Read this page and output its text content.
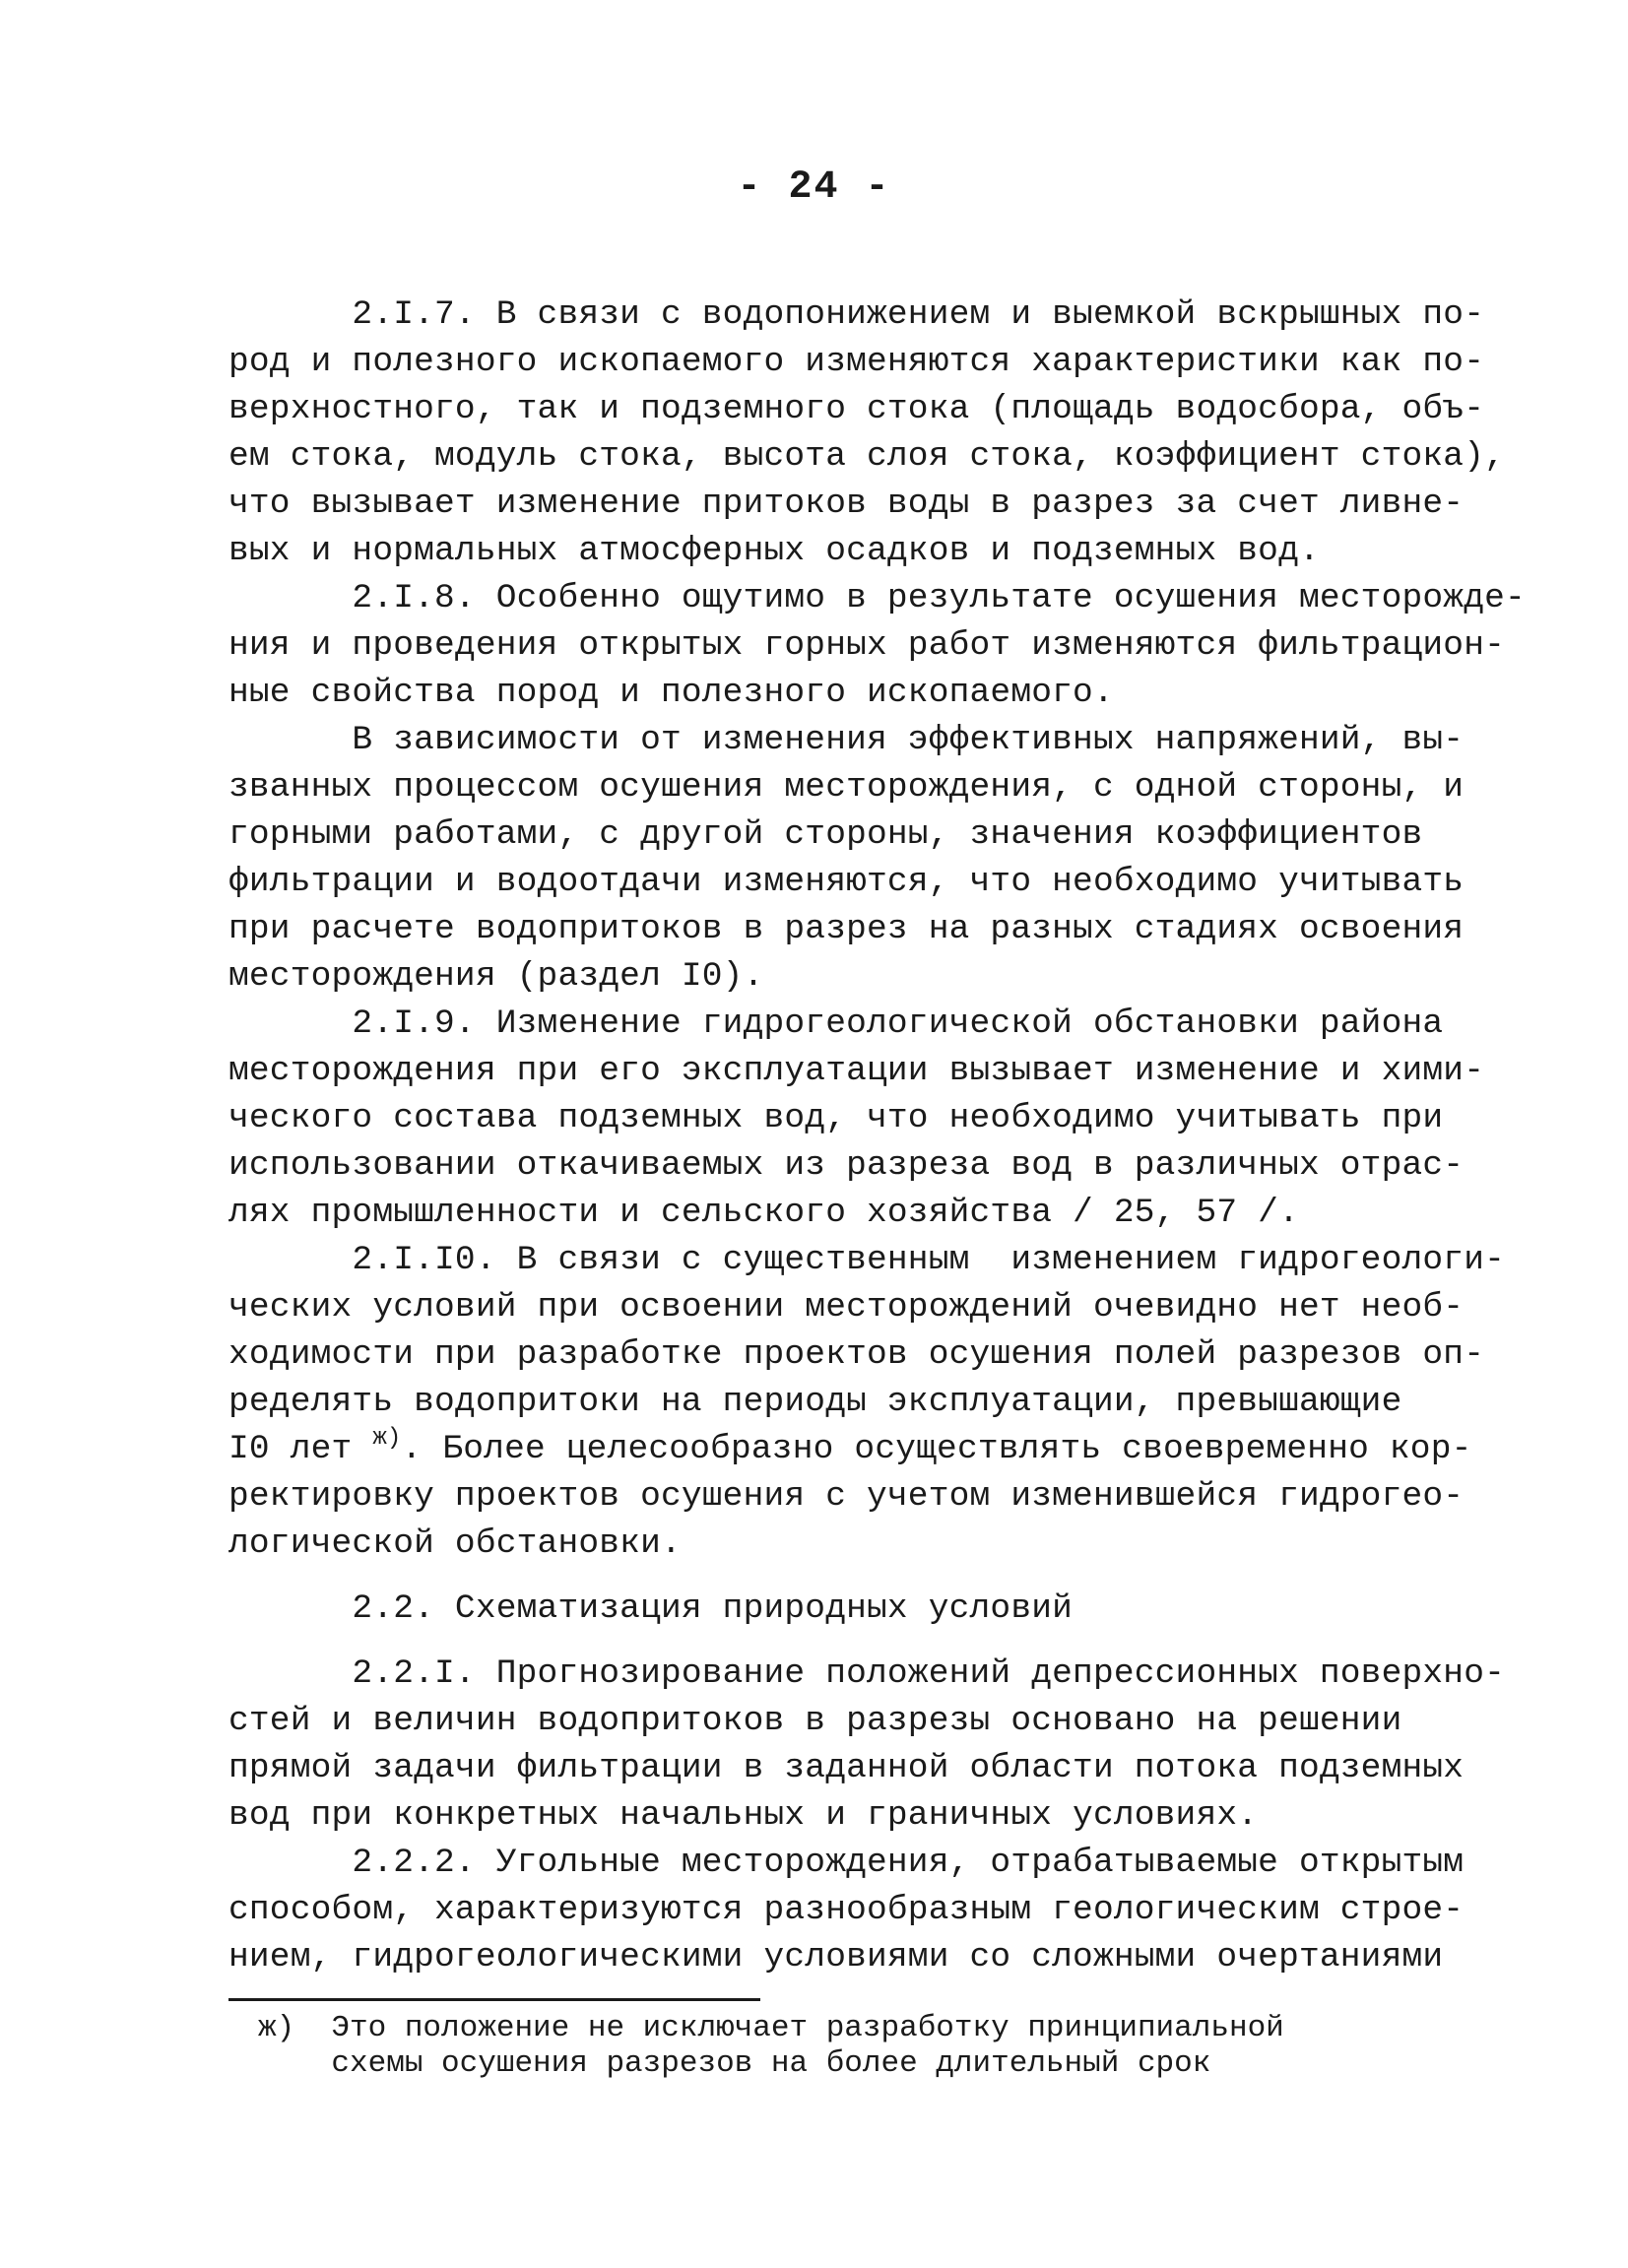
- 24 -
2.I.7. В связи с водопонижением и выемкой вскрышных по-
род и полезного ископаемого изменяются характеристики как по-
верхностного, так и подземного стока (площадь водосбора, объ-
ем стока, модуль стока, высота слоя стока, коэффициент стока),
что вызывает изменение притоков воды в разрез за счет ливне-
вых и нормальных атмосферных осадков и подземных вод.
2.I.8. Особенно ощутимо в результате осушения месторожде-
ния и проведения открытых горных работ изменяются фильтрацион-
ные свойства пород и полезного ископаемого.
В зависимости от изменения эффективных напряжений, вы-
званных процессом осушения месторождения, с одной стороны, и
горными работами, с другой стороны, значения коэффициентов
фильтрации и водоотдачи изменяются, что необходимо учитывать
при расчете водопритоков в разрез на разных стадиях освоения
месторождения (раздел I0).
2.I.9. Изменение гидрогеологической обстановки района
месторождения при его эксплуатации вызывает изменение и хими-
ческого состава подземных вод, что необходимо учитывать при
использовании откачиваемых из разреза вод в различных отрас-
лях промышленности и сельского хозяйства / 25, 57 /.
2.I.I0. В связи с существенным  изменением гидрогеологи-
ческих условий при освоении месторождений очевидно нет необ-
ходимости при разработке проектов осушения полей разрезов оп-
ределять водопритоки на периоды эксплуатации, превышающие
I0 лет $^{ж)}$. Более целесообразно осуществлять своевременно кор-
ректировку проектов осушения с учетом изменившейся гидрогео-
логической обстановки.
2.2. Схематизация природных условий
2.2.I. Прогнозирование положений депрессионных поверхно-
стей и величин водопритоков в разрезы основано на решении
прямой задачи фильтрации в заданной области потока подземных
вод при конкретных начальных и граничных условиях.
2.2.2. Угольные месторождения, отрабатываемые открытым
способом, характеризуются разнообразным геологическим строе-
нием, гидрогеологическими условиями со сложными очертаниями
ж)  Это положение не исключает разработку принципиальной
схемы осушения разрезов на более длительный срок
